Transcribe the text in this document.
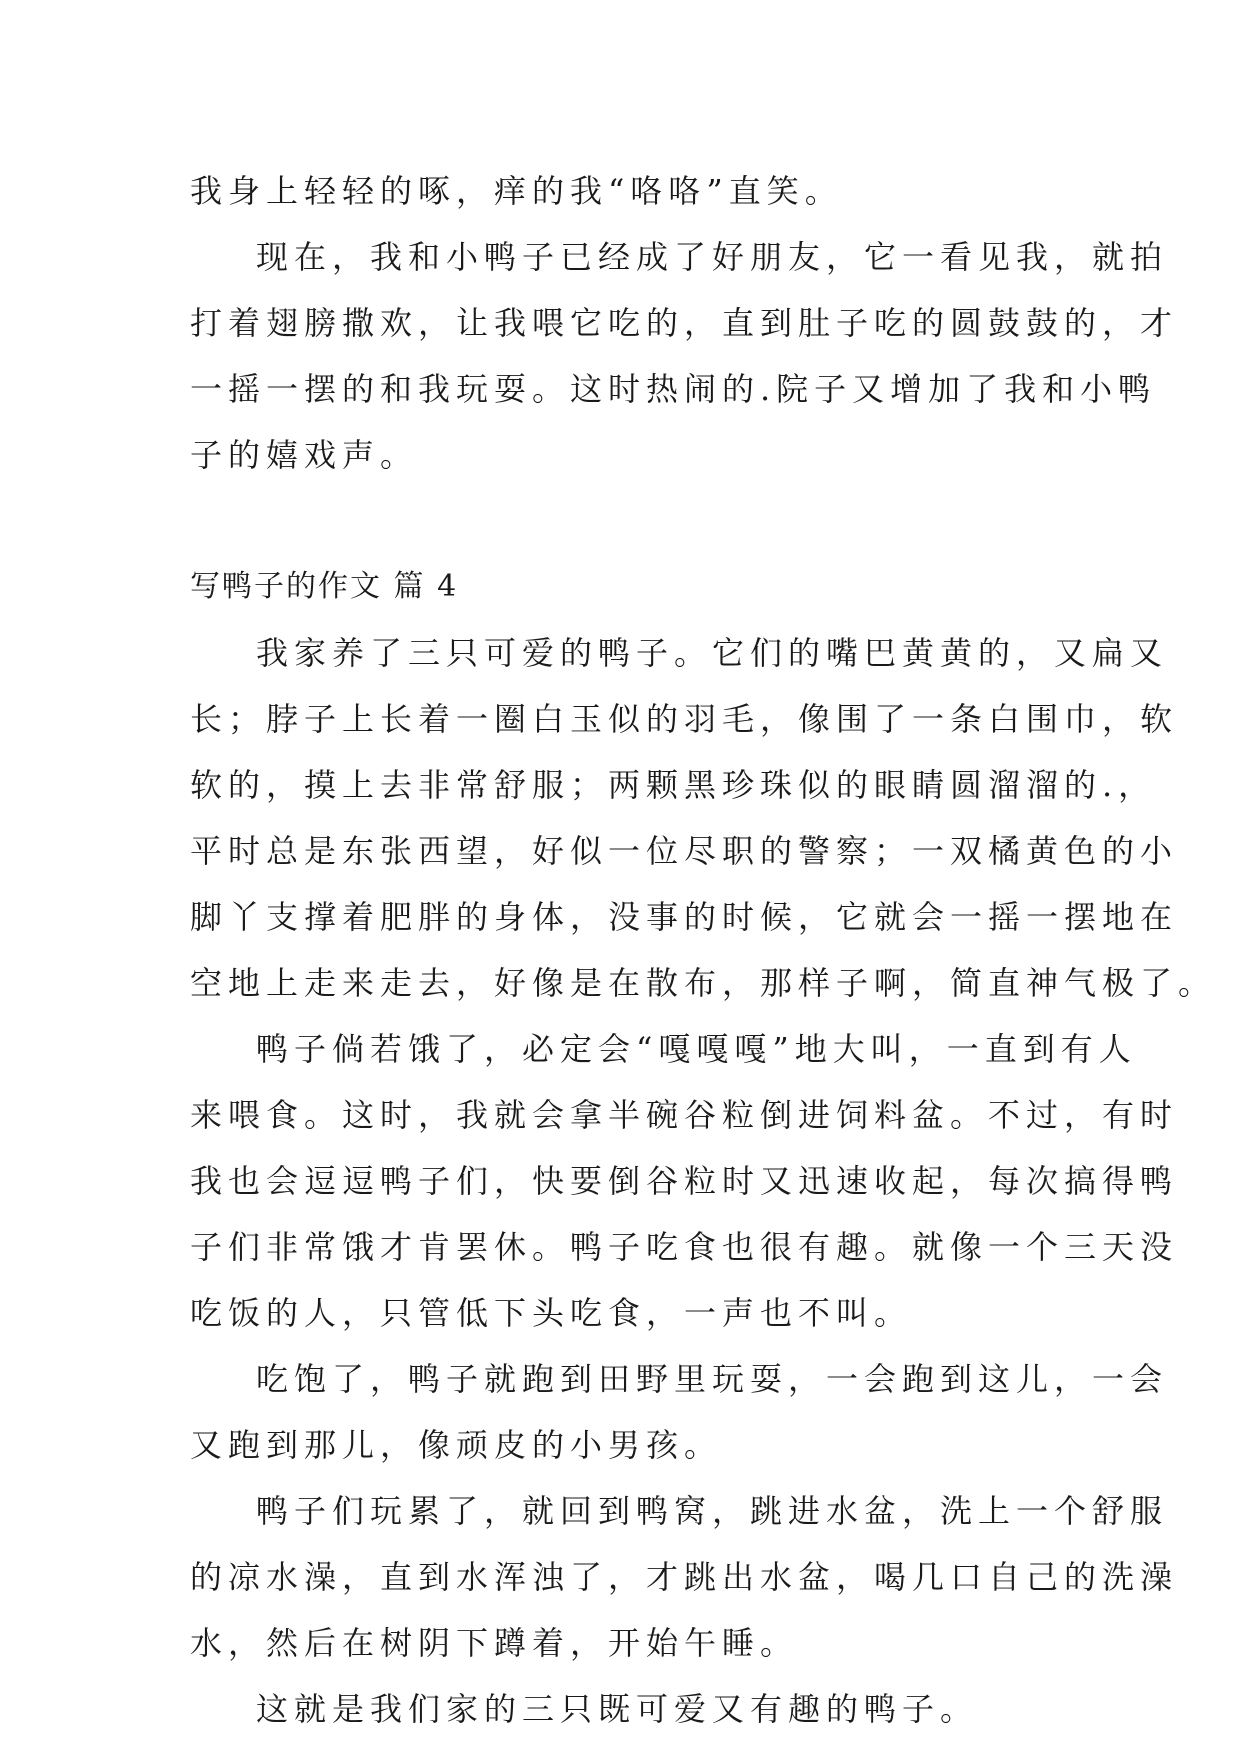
我身上轻轻的啄，痒的我“咯咯”直笑。

现在，我和小鸭子已经成了好朋友，它一看见我，就拍

打着翅膀撒欢，让我喂它吃的，直到肚子吃的圆鼓鼓的，才

一摇一摆的和我玩耍。这时热闹的.院子又增加了我和小鸭

子的嬉戏声。

写鸭子的作文 篇 4

我家养了三只可爱的鸭子。它们的嘴巴黄黄的，又扁又

长；脖子上长着一圈白玉似的羽毛，像围了一条白围巾，软

软的，摸上去非常舒服；两颗黑珍珠似的眼睛圆溜溜的.，

平时总是东张西望，好似一位尽职的警察；一双橘黄色的小

脚丫支撑着肥胖的身体，没事的时候，它就会一摇一摆地在

空地上走来走去，好像是在散布，那样子啊，简直神气极了。

鸭子倘若饿了，必定会“嘎嘎嘎”地大叫，一直到有人

来喂食。这时，我就会拿半碗谷粒倒进饲料盆。不过，有时

我也会逗逗鸭子们，快要倒谷粒时又迅速收起，每次搞得鸭

子们非常饿才肯罢休。鸭子吃食也很有趣。就像一个三天没

吃饭的人，只管低下头吃食，一声也不叫。

吃饱了，鸭子就跑到田野里玩耍，一会跑到这儿，一会

又跑到那儿，像顽皮的小男孩。

鸭子们玩累了，就回到鸭窝，跳进水盆，洗上一个舒服

的凉水澡，直到水浑浊了，才跳出水盆，喝几口自己的洗澡

水，然后在树阴下蹲着，开始午睡。

这就是我们家的三只既可爱又有趣的鸭子。
